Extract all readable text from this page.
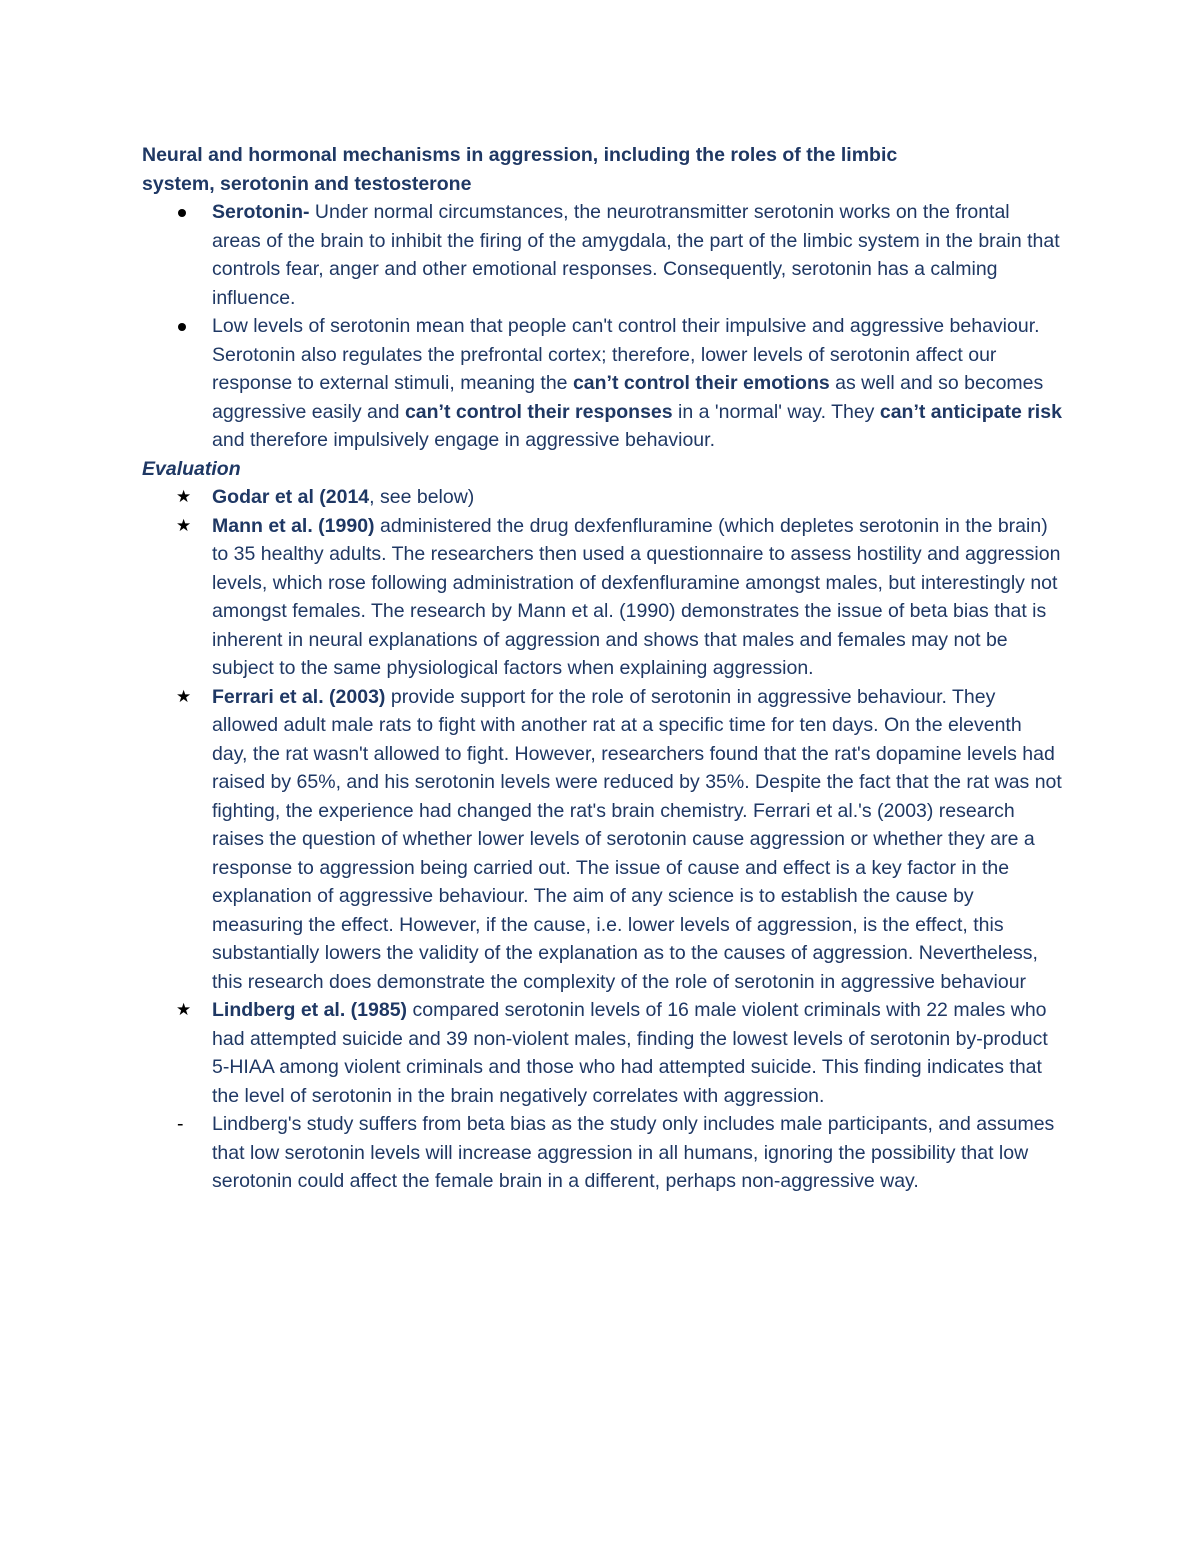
Neural and hormonal mechanisms in aggression, including the roles of the limbic
system, serotonin and testosterone

Serotonin- Under normal circumstances, the neurotransmitter serotonin works on the frontal areas of the brain to inhibit the firing of the amygdala, the part of the limbic system in the brain that controls fear, anger and other emotional responses. Consequently, serotonin has a calming influence.
Low levels of serotonin mean that people can't control their impulsive and aggressive behaviour. Serotonin also regulates the prefrontal cortex; therefore, lower levels of serotonin affect our response to external stimuli, meaning the can’t control their emotions as well and so becomes aggressive easily and can’t control their responses in a 'normal' way. They can’t anticipate risk and therefore impulsively engage in aggressive behaviour.

Evaluation

★ Godar et al (2014, see below)
★ Mann et al. (1990) administered the drug dexfenfluramine (which depletes serotonin in the brain) to 35 healthy adults. The researchers then used a questionnaire to assess hostility and aggression levels, which rose following administration of dexfenfluramine amongst males, but interestingly not amongst females. The research by Mann et al. (1990) demonstrates the issue of beta bias that is inherent in neural explanations of aggression and shows that males and females may not be subject to the same physiological factors when explaining aggression.
★ Ferrari et al. (2003) provide support for the role of serotonin in aggressive behaviour. They allowed adult male rats to fight with another rat at a specific time for ten days. On the eleventh day, the rat wasn't allowed to fight. However, researchers found that the rat's dopamine levels had raised by 65%, and his serotonin levels were reduced by 35%. Despite the fact that the rat was not fighting, the experience had changed the rat's brain chemistry. Ferrari et al.'s (2003) research raises the question of whether lower levels of serotonin cause aggression or whether they are a response to aggression being carried out. The issue of cause and effect is a key factor in the explanation of aggressive behaviour. The aim of any science is to establish the cause by measuring the effect. However, if the cause, i.e. lower levels of aggression, is the effect, this substantially lowers the validity of the explanation as to the causes of aggression. Nevertheless, this research does demonstrate the complexity of the role of serotonin in aggressive behaviour
★ Lindberg et al. (1985) compared serotonin levels of 16 male violent criminals with 22 males who had attempted suicide and 39 non-violent males, finding the lowest levels of serotonin by-product 5-HIAA among violent criminals and those who had attempted suicide. This finding indicates that the level of serotonin in the brain negatively correlates with aggression.
- Lindberg's study suffers from beta bias as the study only includes male participants, and assumes that low serotonin levels will increase aggression in all humans, ignoring the possibility that low serotonin could affect the female brain in a different, perhaps non-aggressive way.
